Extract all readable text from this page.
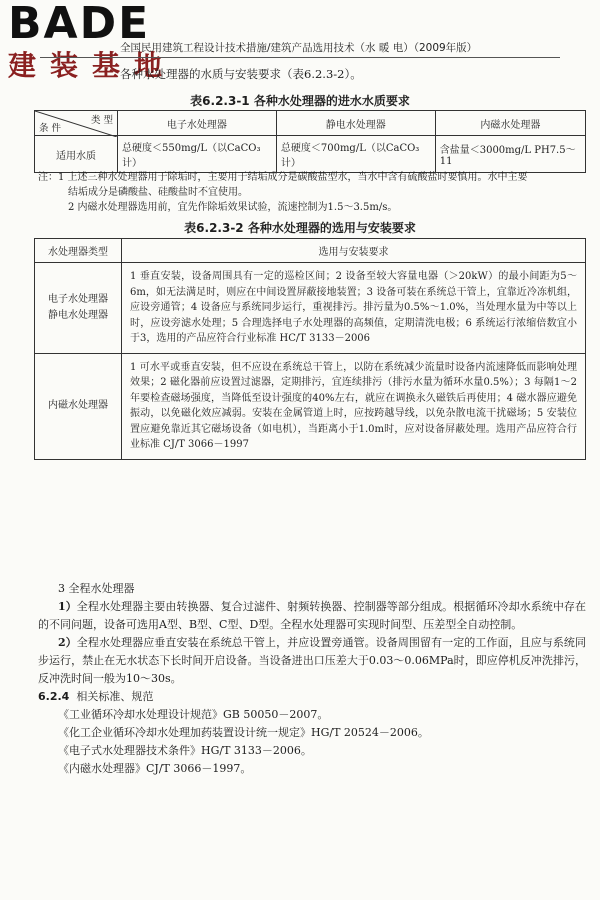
BADE
建装基地
全国民用建筑工程设计技术措施/建筑产品选用技术（水 暖 电）（2009年版）
各种水处理器的水质与安装要求（表6.2.3-2）。
表6.2.3-1 各种水处理器的进水水质要求
类 型
条 件	电子水处理器	静电水处理器	内磁水处理器
适用水质	总硬度＜550mg/L（以CaCO₃计）	总硬度＜700mg/L（以CaCO₃计）	含盐量＜3000mg/L PH7.5～11

注：1 上述三种水处理器用于除垢时，主要用于结垢成分是碳酸盐型水，当水中含有硫酸盐时要慎用。水中主要

结垢成分是磷酸盐、硅酸盐时不宜使用。

2 内磁水处理器选用前，宜先作除垢效果试验，流速控制为1.5～3.5m/s。

表6.2.3-2 各种水处理器的选用与安装要求
水处理器类型	选用与安装要求

电子水处理器
静电水处理器	1 垂直安装，设备周围具有一定的巡检区间；2 设备至较大容量电器（＞20kW）的最小间距为5～6m，如无法满足时，则应在中间设置屏蔽接地装置；3 设备可装在系统总干管上，宜靠近冷冻机组，应设旁通管；4 设备应与系统同步运行，重视排污。排污量为0.5%～1.0%，当处理水量为中等以上时，应设旁滤水处理；5 合理选择电子水处理器的高频值，定期清洗电极；6 系统运行浓缩倍数宜小于3，选用的产品应符合行业标准 HC/T 3133－2006
内磁水处理器	1 可水平或垂直安装，但不应设在系统总干管上，以防在系统减少流量时设备内流速降低而影响处理效果；2 磁化器前应设置过滤器，定期排污，宜连续排污（排污水量为循环水量0.5%）；3 每隔1～2年要检查磁场强度，当降低至设计强度的40%左右，就应在调换永久磁铁后再使用；4 磁水器应避免振动，以免磁化效应减弱。安装在金属管道上时，应按跨越导线，以免杂散电流干扰磁场；5 安装位置应避免靠近其它磁场设备（如电机），当距离小于1.0m时，应对设备屏蔽处理。选用产品应符合行业标准 CJ/T 3066－1997

3 全程水处理器

1）全程水处理器主要由转换器、复合过滤件、射频转换器、控制器等部分组成。根据循环冷却水系统中存在的不同问题，设备可选用A型、B型、C型、D型。全程水处理器可实现时间型、压差型全自动控制。

2）全程水处理器应垂直安装在系统总干管上，并应设置旁通管。设备周围留有一定的工作面，且应与系统同步运行，禁止在无水状态下长时间开启设备。当设备进出口压差大于0.03～0.06MPa时，即应停机反冲洗排污，反冲洗时间一般为10～30s。

6.2.4 相关标准、规范

《工业循环冷却水处理设计规范》GB 50050－2007。

《化工企业循环冷却水处理加药装置设计统一规定》HG/T 20524－2006。

《电子式水处理器技术条件》HG/T 3133－2006。

《内磁水处理器》CJ/T 3066－1997。
